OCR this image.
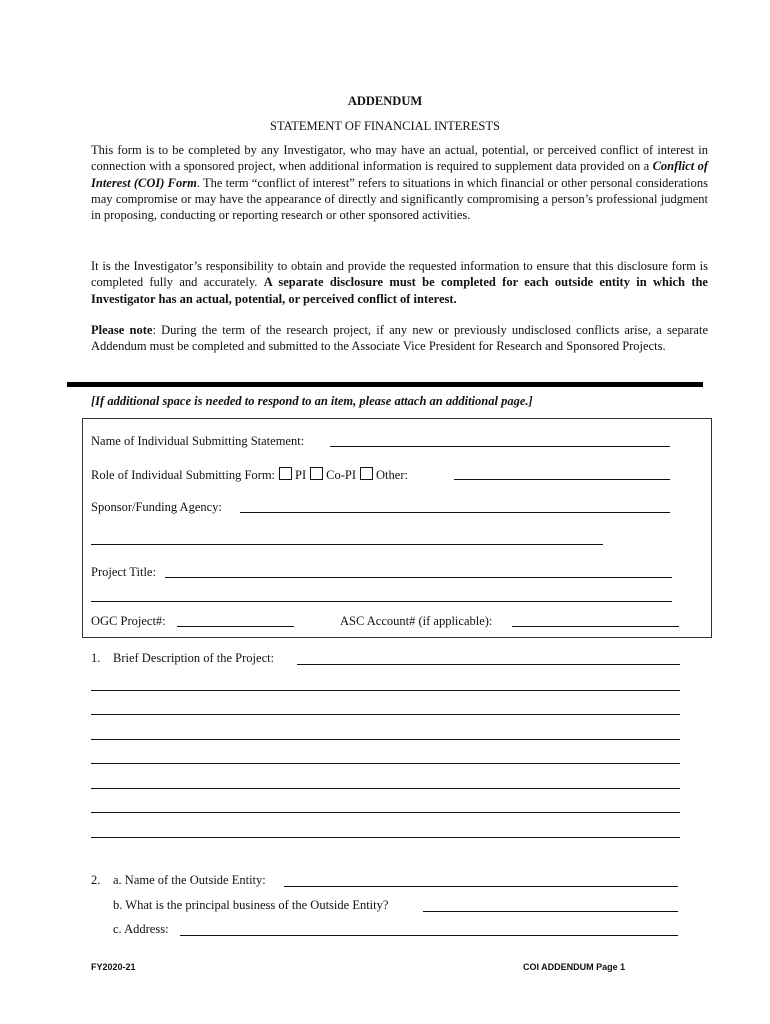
ADDENDUM
STATEMENT OF FINANCIAL INTERESTS
This form is to be completed by any Investigator, who may have an actual, potential, or perceived conflict of interest in connection with a sponsored project, when additional information is required to supplement data provided on a Conflict of Interest (COI) Form. The term “conflict of interest” refers to situations in which financial or other personal considerations may compromise or may have the appearance of directly and significantly compromising a person’s professional judgment in proposing, conducting or reporting research or other sponsored activities.
It is the Investigator’s responsibility to obtain and provide the requested information to ensure that this disclosure form is completed fully and accurately. A separate disclosure must be completed for each outside entity in which the Investigator has an actual, potential, or perceived conflict of interest.
Please note: During the term of the research project, if any new or previously undisclosed conflicts arise, a separate Addendum must be completed and submitted to the Associate Vice President for Research and Sponsored Projects.
[If additional space is needed to respond to an item, please attach an additional page.]
Name of Individual Submitting Statement:
Role of Individual Submitting Form: PI Co-PI Other:
Sponsor/Funding Agency:
Project Title:
OGC Project#:	ASC Account# (if applicable):
1. Brief Description of the Project:
2. a. Name of the Outside Entity:
b. What is the principal business of the Outside Entity?
c. Address:
FY2020-21	COI ADDENDUM Page 1
